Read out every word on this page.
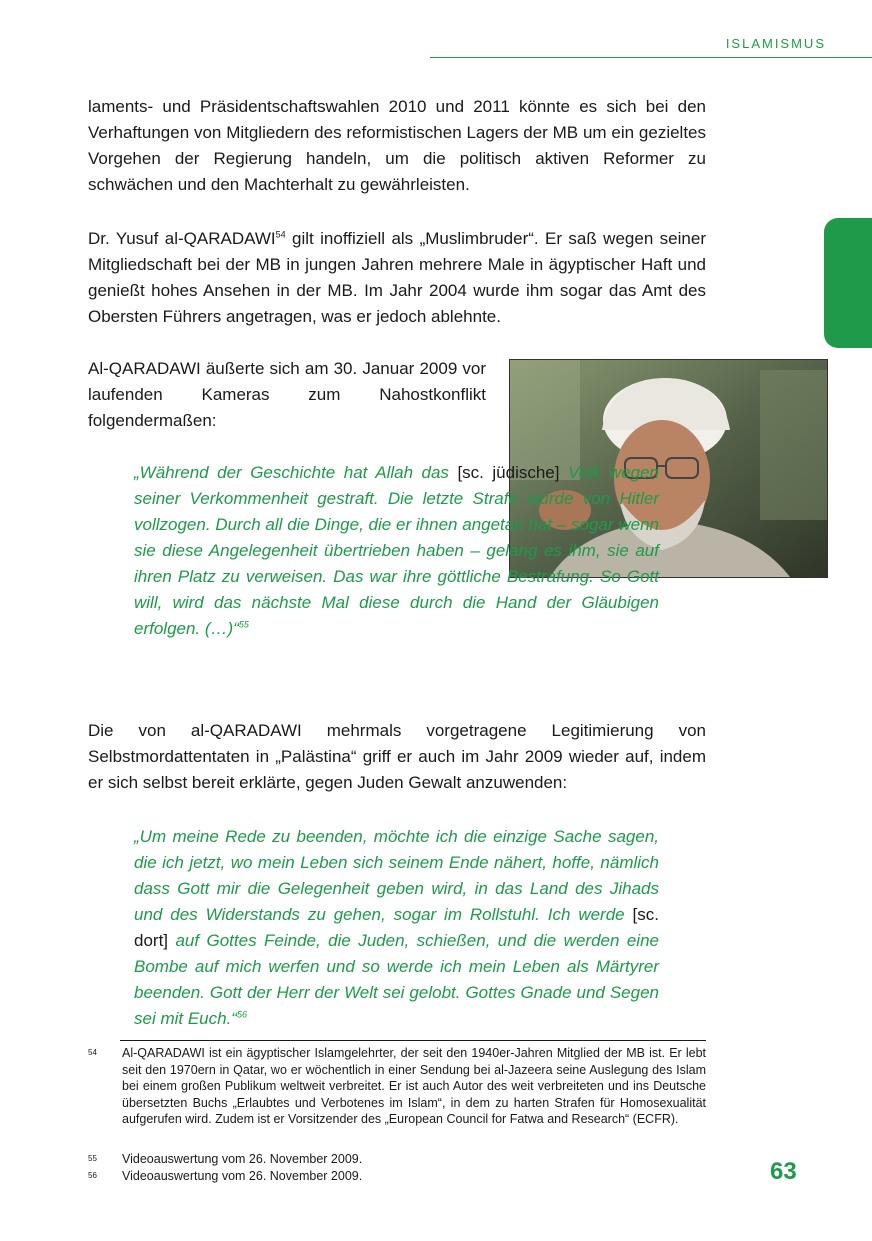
ISLAMISMUS

laments- und Präsidentschaftswahlen 2010 und 2011 könnte es sich bei den Verhaftungen von Mitgliedern des reformistischen Lagers der MB um ein gezieltes Vorgehen der Regierung handeln, um die politisch aktiven Reformer zu schwächen und den Machterhalt zu gewährleisten.

Dr. Yusuf al-QARADAWI$^{54}$ gilt inoffiziell als „Muslimbruder“. Er saß wegen seiner Mitgliedschaft bei der MB in jungen Jahren mehrere Male in ägyptischer Haft und genießt hohes Ansehen in der MB. Im Jahr 2004 wurde ihm sogar das Amt des Obersten Führers angetragen, was er jedoch ablehnte.

Al-QARADAWI äußerte sich am 30. Januar 2009 vor laufenden Kameras zum Nahostkonflikt folgendermaßen:

„Während der Geschichte hat Allah das [sc. jüdische] Volk wegen seiner Verkommenheit gestraft. Die letzte Strafe wurde von Hitler vollzogen. Durch all die Dinge, die er ihnen angetan hat – sogar wenn sie diese Angelegenheit übertrieben haben – gelang es ihm, sie auf ihren Platz zu verweisen. Das war ihre göttliche Bestrafung. So Gott will, wird das nächste Mal diese durch die Hand der Gläubigen erfolgen. (…)“$^{55}$

Die von al-QARADAWI mehrmals vorgetragene Legitimierung von Selbstmordattentaten in „Palästina“ griff er auch im Jahr 2009 wieder auf, indem er sich selbst bereit erklärte, gegen Juden Gewalt anzuwenden:

„Um meine Rede zu beenden, möchte ich die einzige Sache sagen, die ich jetzt, wo mein Leben sich seinem Ende nähert, hoffe, nämlich dass Gott mir die Gelegenheit geben wird, in das Land des Jihads und des Widerstands zu gehen, sogar im Rollstuhl. Ich werde [sc. dort] auf Gottes Feinde, die Juden, schießen, und die werden eine Bombe auf mich werfen und so werde ich mein Leben als Märtyrer beenden. Gott der Herr der Welt sei gelobt. Gottes Gnade und Segen sei mit Euch.“$^{56}$

54 Al-QARADAWI ist ein ägyptischer Islamgelehrter, der seit den 1940er-Jahren Mitglied der MB ist. Er lebt seit den 1970ern in Qatar, wo er wöchentlich in einer Sendung bei al-Jazeera seine Auslegung des Islam bei einem großen Publikum weltweit verbreitet. Er ist auch Autor des weit verbreiteten und ins Deutsche übersetzten Buchs „Erlaubtes und Verbotenes im Islam“, in dem zu harten Strafen für Homosexualität aufgerufen wird. Zudem ist er Vorsitzender des „European Council for Fatwa and Research“ (ECFR).
55 Videoauswertung vom 26. November 2009.
56 Videoauswertung vom 26. November 2009.	63
